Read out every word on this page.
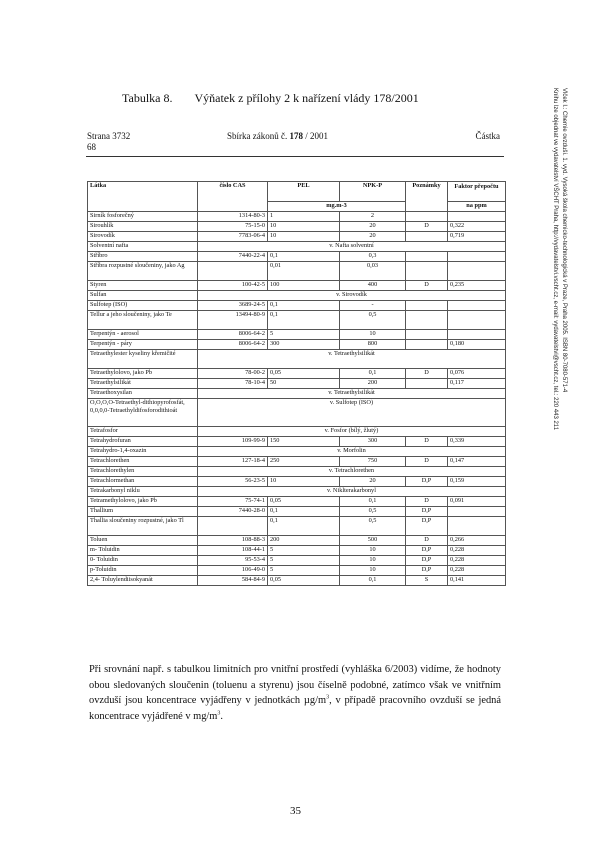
Tabulka 8. Výňatek z přílohy 2 k nařízení vlády 178/2001	Vlček I.: Chemie ovzduší. 1. vyd. Vysoká škola chemicko-technologická v Praze, Praha 2005. ISBN 80-7080-571-4
Knihu lze objednat ve vydavatelství VŠCHT Praha, http://vydavatelstvi.vscht.cz, e-mail: vydavatelstvi@vscht.cz, tel.: 220 443 211
Strana 3732
68
Sbírka zákonů č. 178 / 2001	Částka
Látka	číslo CAS	PEL	NPK-P	Poznámky	Faktor přepočtu
		mg.m-3			na ppm
Sirník fosforečný	1314-80-3	1	2		
Sirouhlík	75-15-0	10	20	D	0,322
Sirovodík	7783-06-4	10	20		0,719
Solventní nafta	v. Nafta solventní				
Stříbro	7440-22-4	0,1	0,3		
Stříbra rozpustné sloučeniny, jako Ag		0,01	0,03		
Styren	100-42-5	100	400	D	0,235
Sulfan	v. Sirovodík				
Sulfotep (ISO)	3689-24-5	0,1	-		
Tellur a jeho sloučeniny, jako Te	13494-80-9	0,1	0,5		
Terpentýn - aerosol	8006-64-2	5	10		
Terpentýn - páry	8006-64-2	300	800		0,180
Tetraethylester kyseliny křemičité	v. Tetraethylsilikát				
Tetraethylolovo, jako Pb	78-00-2	0,05	0,1	D	0,076
Tetraethylsilikát	78-10-4	50	200		0,117
Tetraethoxysilan	v. Tetraethylsilikát				
O,O,O,O-Tetraethyl-dithiopyrofosfát, 0,0,0,0-Tetraethyldifosforodithioát	v. Sulfotep (ISO)				
Tetrafosfor	v. Fosfor (bílý, žlutý)				
Tetrahydrofuran	109-99-9	150	300	D	0,339
Tetrahydro-1,4-oxazin	v. Morfolin				
Tetrachlorethen	127-18-4	250	750	D	0,147
Tetrachlorethylen	v. Tetrachlorethen				
Tetrachlormethan	56-23-5	10	20	D,P	0,159
Tetrakarbonyl niklu	v. Niklterakarbonyl				
Tetramethylolovo, jako Pb	75-74-1	0,05	0,1	D	0,091
Thallium	7440-28-0	0,1	0,5	D,P	
Thallia sloučeniny rozpustné, jako Tl		0,1	0,5	D,P	
Toluen	108-88-3	200	500	D	0,266
m- Toluidin	108-44-1	5	10	D,P	0,228
0- Toluidin	95-53-4	5	10	D,P	0,228
p-Toluidin	106-49-0	5	10	D,P	0,228
2,4- Toluylendiisokyanát	584-84-9	0,05	0,1	S	0,141
Při srovnání např. s tabulkou limitních pro vnitřní prostředí (vyhláška 6/2003) vidíme, že hodnoty obou sledovaných sloučenin (toluenu a styrenu) jsou číselně podobné, zatímco však ve vnitřním ovzduší jsou koncentrace vyjádřeny v jednotkách $\mu g/m^3$, v případě pracovního ovzduší se jedná koncentrace vyjádřené v $mg/m^3$.
35
